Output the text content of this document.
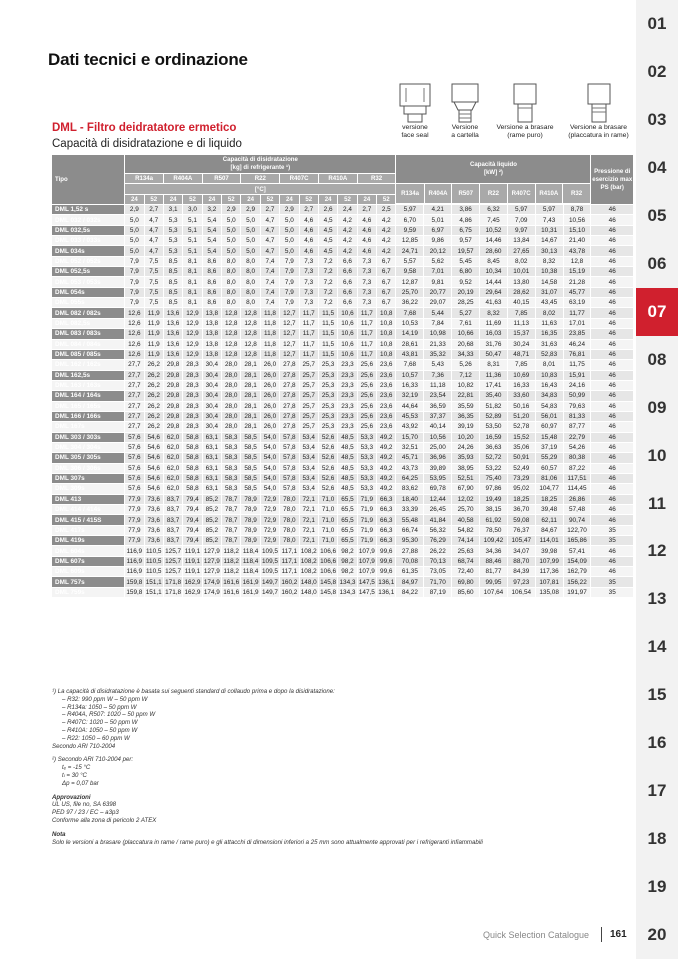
Dati tecnici e ordinazione
versione
face seal
Versione
a cartella
Versione a brasare
(rame puro)
Versione a brasare
(placcatura in rame)
DML - Filtro deidratatore ermetico
Capacità di disidratazione e di liquido
Tipo	
Capacità di disidratazione
[kg] di refrigerante ¹)	Capacità liquido
[kW] ²)	Pressione di esercizio max PS (bar)
R134a	R404A	R507	R22	R407C	R410A	R32
[°C]	
R134a	R404A	R507	R22	R407C	R410A	R32

24	52	24	52	24	52	24	52	24	52	24	52	24	52
DML 1,52 s	2,9	2,7	3,1	3,0	3,2	2,9	2,9	2,7	2,9	2,7	2,6	2,4	2,7	2,5	5,97	4,21	3,86	6,32	5,97	5,97	8,78	46
DML 032 / 032s	5,0	4,7	5,3	5,1	5,4	5,0	5,0	4,7	5,0	4,6	4,5	4,2	4,6	4,2	6,70	5,01	4,86	7,45	7,09	7,43	10,56	46
DML 032,5s	5,0	4,7	5,3	5,1	5,4	5,0	5,0	4,7	5,0	4,6	4,5	4,2	4,6	4,2	9,59	6,97	6,75	10,52	9,97	10,31	15,10	46
DML 033 / 033s	5,0	4,7	5,3	5,1	5,4	5,0	5,0	4,7	5,0	4,6	4,5	4,2	4,6	4,2	12,85	9,86	9,57	14,46	13,84	14,67	21,40	46
DML 034s	5,0	4,7	5,3	5,1	5,4	5,0	5,0	4,7	5,0	4,6	4,5	4,2	4,6	4,2	24,71	20,12	19,57	28,60	27,65	30,13	43,78	46
DML 052 / 052s	7,9	7,5	8,5	8,1	8,6	8,0	8,0	7,4	7,9	7,3	7,2	6,6	7,3	6,7	5,57	5,62	5,45	8,45	8,02	8,32	12,8	46
DML 052,5s	7,9	7,5	8,5	8,1	8,6	8,0	8,0	7,4	7,9	7,3	7,2	6,6	7,3	6,7	9,58	7,01	6,80	10,34	10,01	10,38	15,19	46
DML 053 / 053s	7,9	7,5	8,5	8,1	8,6	8,0	8,0	7,4	7,9	7,3	7,2	6,6	7,3	6,7	12,87	9,81	9,52	14,44	13,80	14,58	21,28	46
DML 054s	7,9	7,5	8,5	8,1	8,6	8,0	8,0	7,4	7,9	7,3	7,2	6,6	7,3	6,7	25,70	20,77	20,19	29,64	28,62	31,07	45,77	46
DML 055s	7,9	7,5	8,5	8,1	8,6	8,0	8,0	7,4	7,9	7,3	7,2	6,6	7,3	6,7	36,22	29,07	28,25	41,63	40,15	43,45	63,19	46
DML 082 / 082s	12,6	11,9	13,6	12,9	13,8	12,8	12,8	11,8	12,7	11,7	11,5	10,6	11,7	10,8	7,68	5,44	5,27	8,32	7,85	8,02	11,77	46
DML 082,5s	12,6	11,9	13,6	12,9	13,8	12,8	12,8	11,8	12,7	11,7	11,5	10,6	11,7	10,8	10,53	7,84	7,61	11,69	11,13	11,63	17,01	46
DML 083 / 083s	12,6	11,9	13,6	12,9	13,8	12,8	12,8	11,8	12,7	11,7	11,5	10,6	11,7	10,8	14,19	10,98	10,66	16,03	15,37	16,35	23,85	46
DML 084 / 084s	12,6	11,9	13,6	12,9	13,8	12,8	12,8	11,8	12,7	11,7	11,5	10,6	11,7	10,8	28,61	21,33	20,68	31,76	30,24	31,63	46,24	46
DML 085 / 085s	12,6	11,9	13,6	12,9	13,8	12,8	12,8	11,8	12,7	11,7	11,5	10,6	11,7	10,8	43,81	35,32	34,33	50,47	48,71	52,83	76,81	46
DML 162 / 162s	27,7	26,2	29,8	28,3	30,4	28,0	28,1	26,0	27,8	25,7	25,3	23,3	25,6	23,6	7,68	5,43	5,26	8,31	7,85	8,01	11,75	46
DML 162,5s	27,7	26,2	29,8	28,3	30,4	28,0	28,1	26,0	27,8	25,7	25,3	23,3	25,6	23,6	10,57	7,36	7,12	11,36	10,69	10,83	15,91	46
DML 163 / 163s	27,7	26,2	29,8	28,3	30,4	28,0	28,1	26,0	27,8	25,7	25,3	23,3	25,6	23,6	16,33	11,18	10,82	17,41	16,33	16,43	24,16	46
DML 164 / 164s	27,7	26,2	29,8	28,3	30,4	28,0	28,1	26,0	27,8	25,7	25,3	23,3	25,6	23,6	32,19	23,54	22,81	35,40	33,60	34,83	50,99	46
DML 165 / 165s	27,7	26,2	29,8	28,3	30,4	28,0	28,1	26,0	27,8	25,7	25,3	23,3	25,6	23,6	44,64	36,59	35,59	51,82	50,16	54,83	79,63	46
DML 166 / 166s	27,7	26,2	29,8	28,3	30,4	28,0	28,1	26,0	27,8	25,7	25,3	23,3	25,6	23,6	45,53	37,37	36,35	52,89	51,20	56,01	81,33	46
DML 167s	27,7	26,2	29,8	28,3	30,4	28,0	28,1	26,0	27,8	25,7	25,3	23,3	25,6	23,6	43,92	40,14	39,19	53,50	52,78	60,97	87,77	46
DML 303 / 303s	57,6	54,6	62,0	58,8	63,1	58,3	58,5	54,0	57,8	53,4	52,6	48,5	53,3	49,2	15,70	10,56	10,20	16,59	15,52	15,48	22,79	46
DML 304 / 304s	57,6	54,6	62,0	58,8	63,1	58,3	58,5	54,0	57,8	53,4	52,6	48,5	53,3	49,2	32,51	25,00	24,26	36,63	35,06	37,19	54,26	46
DML 305 / 305s	57,6	54,6	62,0	58,8	63,1	58,3	58,5	54,0	57,8	53,4	52,6	48,5	53,3	49,2	45,71	36,96	35,93	52,72	50,91	55,29	80,38	46
DML 306 / 306s	57,6	54,6	62,0	58,8	63,1	58,3	58,5	54,0	57,8	53,4	52,6	48,5	53,3	49,2	43,73	39,89	38,95	53,22	52,49	60,57	87,22	46
DML 307s	57,6	54,6	62,0	58,8	63,1	58,3	58,5	54,0	57,8	53,4	52,6	48,5	53,3	49,2	64,25	53,95	52,51	75,40	73,29	81,06	117,51	46
DML 309s	57,6	54,6	62,0	58,8	63,1	58,3	58,5	54,0	57,8	53,4	52,6	48,5	53,3	49,2	83,62	69,78	67,90	97,86	95,02	104,77	114,45	46
DML 413	77,9	73,6	83,7	79,4	85,2	78,7	78,9	72,9	78,0	72,1	71,0	65,5	71,9	66,3	18,40	12,44	12,02	19,49	18,25	18,25	26,86	46
DML 414 / 414s	77,9	73,6	83,7	79,4	85,2	78,7	78,9	72,9	78,0	72,1	71,0	65,5	71,9	66,3	33,39	26,45	25,70	38,15	36,70	39,48	57,48	46
DML 415 / 415S	77,9	73,6	83,7	79,4	85,2	78,7	78,9	72,9	78,0	72,1	71,0	65,5	71,9	66,3	55,48	41,84	40,58	61,92	59,08	62,11	90,74	46
DML 417s	77,9	73,6	83,7	79,4	85,2	78,7	78,9	72,9	78,0	72,1	71,0	65,5	71,9	66,3	66,74	56,32	54,82	78,50	76,37	84,67	122,70	35
DML 419s	77,9	73,6	83,7	79,4	85,2	78,7	78,9	72,9	78,0	72,1	71,0	65,5	71,9	66,3	95,30	76,29	74,14	109,42	105,47	114,01	165,86	35
DML 604s	116,9	110,5	125,7	119,1	127,9	118,2	118,4	109,5	117,1	108,2	106,6	98,2	107,9	99,6	27,88	26,22	25,63	34,36	34,07	39,98	57,41	46
DML 607s	116,9	110,5	125,7	119,1	127,9	118,2	118,4	109,5	117,1	108,2	106,6	98,2	107,9	99,6	70,08	70,13	68,74	88,46	88,70	107,99	154,09	46
DML 609s	116,9	110,5	125,7	119,1	127,9	118,2	118,4	109,5	117,1	108,2	106,6	98,2	107,9	99,6	61,35	73,05	72,40	81,77	84,39	117,36	162,79	46
DML 757s	159,8	151,1	171,8	162,9	174,9	161,6	161,9	149,7	160,2	148,0	145,8	134,3	147,5	136,1	84,97	71,70	69,80	99,95	97,23	107,81	156,22	35
DML 759s	159,8	151,1	171,8	162,9	174,9	161,6	161,9	149,7	160,2	148,0	145,8	134,3	147,5	136,1	84,22	87,19	85,60	107,64	106,54	135,08	191,97	35
¹) La capacità di disidratazione è basata sui seguenti standard di collaudo prima e dopo la disidratazione:
– R32: 990 ppm W – 50 ppm W
– R134a: 1050 – 50 ppm W
– R404A, R507: 1020 – 50 ppm W
– R407C: 1020 – 50 ppm W
– R410A: 1050 – 50 ppm W
– R22: 1050 – 60 ppm W
Secondo ARI 710-2004
²) Secondo ARI 710-2004 per:
tₑ = -15 °C
tₗ = 30 °C
Δp = 0,07 bar
Approvazioni
UL US, file no, SA 6398
PED 97 / 23 / EC – a3p3
Conforme alla zona di pericolo 2 ATEX
Nota
Solo le versioni a brasare (placcatura in rame / rame puro) e gli attacchi di dimensioni inferiori a 25 mm sono attualmente approvati per i refrigeranti infiammabili
Quick Selection Catalogue 161
01
02
03
04
05
06
07
08
09
10
11
12
13
14
15
16
17
18
19
20
